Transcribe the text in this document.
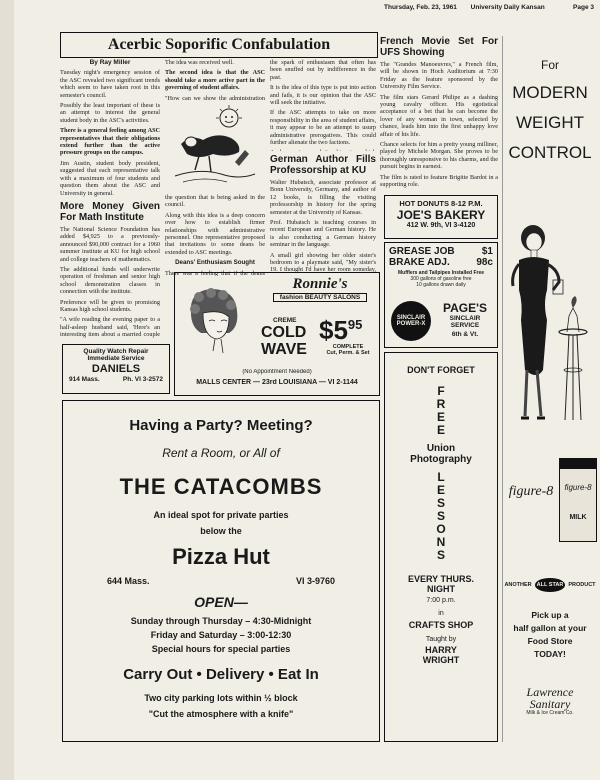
Thursday, Feb. 23, 1961 University Daily Kansan	Page 3
Acerbic Soporific Confabulation

By Ray Miller

Tuesday night's emergency session of the ASC revealed two significant trends which seem to have taken root in this semester's council.

Possibly the least important of these is an attempt to interest the general student body in the ASC's activities.

There is a general feeling among ASC representatives that their obligations extend further than the active pressure groups on the campus.

Jim Austin, student body president, suggested that each representative talk with a maximum of four students and question them about the ASC and University in general.

The idea was received well.

The second idea is that the ASC should take a more active part in the governing of student affairs.

"How can we show the administration

the question that is being asked in the council.

Along with this idea is a deep concern over how to establish firmer relationships with administrative personnel. One representative proposed that invitations to some deans be extended to ASC meetings.

Deans' Enthusiasm Sought

There was a feeling that if the deans

the spark of enthusiasm that often has been snuffed out by indifference in the past.

It is the idea of this type is put into action and fails, it is our opinion that the ASC will seek the initiative.

If the ASC attempts to take on more responsibility in the area of student affairs, it may appear to be an attempt to usurp administrative prerogatives. This could further alienate the two factions.

German Author Fills Professorship at KU

Walter Hubatsch, associate professor at Bonn University, Germany, and author of 12 books, is filling the visiting professorship in history for the spring semester at the University of Kansas.

Prof. Hubatsch is teaching courses in recent European and German history. He is also conducting a German history seminar in the language.

A small girl showing her older sister's bedroom to a playmate said, "My sister's 19. I thought I'd have her room someday,

More Money Given For Math Institute

The National Science Foundation has added $4,925 to a previously-announced $90,000 contract for a 1960 summer institute at KU for high school and college teachers of mathematics.

The additional funds will underwrite operation of freshman and senior high school demonstration classes in connection with the institute.

Preference will be given to promising Kansas high school students.

"A wife reading the evening paper to a half-asleep husband said, 'Here's an interesting item about a married couple

Quality Watch Repair
Immediate Service
DANIELS
914 Mass.	Ph. VI 3-2572
Ronnie's
fashion BEAUTY SALONS
CREME
COLD
WAVE
$\$5^{95}$
COMPLETE
Cut, Perm. & Set
(No Appointment Needed)
MALLS CENTER — 23rd LOUISIANA — VI 2-1144
French Movie Set For UFS Showing

The "Grandes Manoeuvres," a French film, will be shown in Hoch Auditorium at 7:30 Friday as the feature sponsored by the University Film Service.

The film stars Gerard Philipe as a dashing young cavalry officer. His egotistical acceptance of a bet that he can become the lover of any woman in town, selected by chance, leads him into the first unhappy love affair of his life.

Chance selects for him a pretty young milliner, played by Michele Morgan. She proves to be thoroughly unresponsive to his charms, and the pursuit begins in earnest.

The film is rated to feature Brigitte Bardot in a supporting role.

HOT DONUTS 8-12 P.M.
JOE'S BAKERY
412 W. 9th, VI 3-4120
GREASE JOB	$1
BRAKE ADJ.	98c
Mufflers and Tailpipes Installed Free
300 gallons of gasoline free
10 gallons drawn daily
SINCLAIR POWER-X
PAGE'S
SINCLAIR SERVICE
6th & Vt.
Having a Party? Meeting?
Rent a Room, or All of
THE CATACOMBS
An ideal spot for private parties
below the
Pizza Hut
644 Mass.	VI 3-9760
OPEN—
Sunday through Thursday – 4:30-Midnight
Friday and Saturday – 3:00-12:30
Special hours for special parties
Carry Out • Delivery • Eat In
Two city parking lots within ½ block
"Cut the atmosphere with a knife"
DON'T FORGET
F
R
E
E
Union
Photography
L
E
S
S
O
N
S
EVERY THURS.
NIGHT
7:00 p.m.
in
CRAFTS SHOP
Taught by
HARRY
WRIGHT
For
MODERN
WEIGHT
CONTROL
figure-8	figure-8
MILK
ANOTHER ALL STAR PRODUCT
Pick up a
half gallon at your
Food Store
TODAY!
Lawrence
Sanitary
Milk & Ice Cream Co.
